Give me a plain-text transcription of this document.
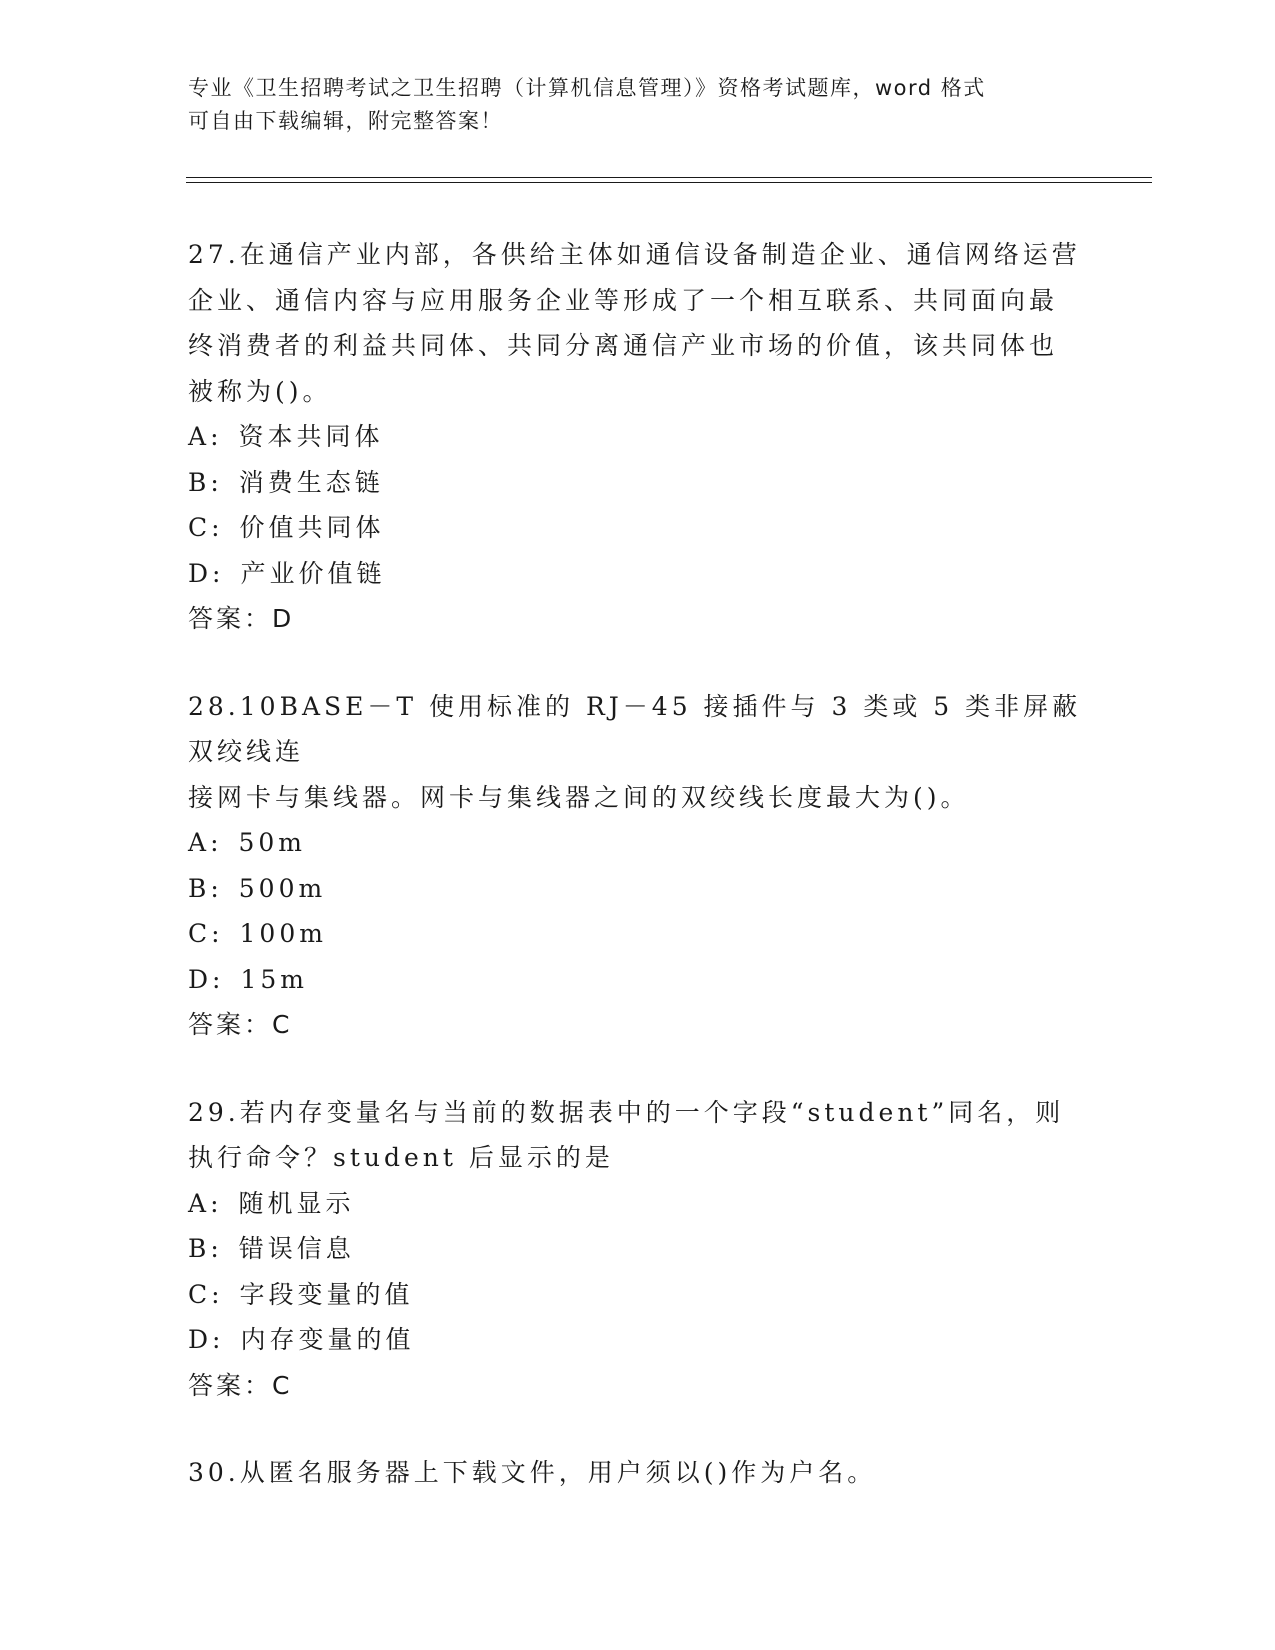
专业《卫生招聘考试之卫生招聘（计算机信息管理）》资格考试题库，word 格式
可自由下载编辑，附完整答案！
27.在通信产业内部，各供给主体如通信设备制造企业、通信网络运营
企业、通信内容与应用服务企业等形成了一个相互联系、共同面向最
终消费者的利益共同体、共同分离通信产业市场的价值，该共同体也
被称为()。
A: 资本共同体
B: 消费生态链
C: 价值共同体
D: 产业价值链
答案：D
28.10BASE－T 使用标准的 RJ－45 接插件与 3 类或 5 类非屏蔽双绞线连
接网卡与集线器。网卡与集线器之间的双绞线长度最大为()。
A: 50m
B: 500m
C: 100m
D: 15m
答案：C
29.若内存变量名与当前的数据表中的一个字段“student”同名，则
执行命令？student 后显示的是
A: 随机显示
B: 错误信息
C: 字段变量的值
D: 内存变量的值
答案：C
30.从匿名服务器上下载文件，用户须以()作为户名。
